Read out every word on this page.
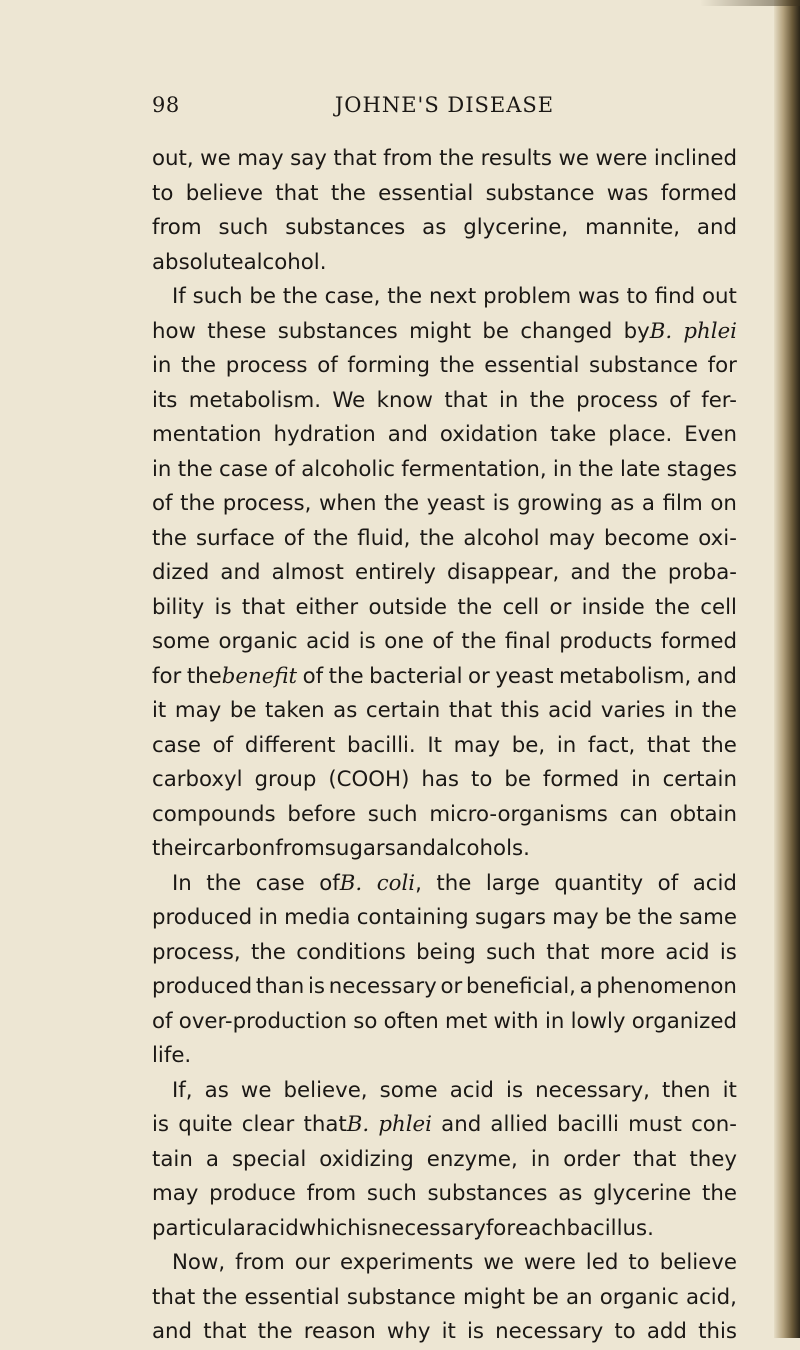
98	JOHNE'S DISEASE
out, we may say that from the results we were inclined
to believe that the essential substance was formed
from such substances as glycerine, mannite, and
absolute alcohol.
If such be the case, the next problem was to find out
how these substances might be changed byB. phlei
in the process of forming the essential substance for
its metabolism. We know that in the process of fer-
mentation hydration and oxidation take place. Even
in the case of alcoholic fermentation, in the late stages
of the process, when the yeast is growing as a film on
the surface of the fluid, the alcohol may become oxi-
dized and almost entirely disappear, and the proba-
bility is that either outside the cell or inside the cell
some organic acid is one of the final products formed
for thebenefit of the bacterial or yeast metabolism, and
it may be taken as certain that this acid varies in the
case of different bacilli. It may be, in fact, that the
carboxyl group (COOH) has to be formed in certain
compounds before such micro-organisms can obtain
their carbon from sugars and alcohols.
In the case ofB. coli, the large quantity of acid
produced in media containing sugars may be the same
process, the conditions being such that more acid is
produced than is necessary or beneficial, a phenomenon
of over-production so often met with in lowly organized
life.
If, as we believe, some acid is necessary, then it
is quite clear thatB. phlei and allied bacilli must con-
tain a special oxidizing enzyme, in order that they
may produce from such substances as glycerine the
particular acid which is necessary for each bacillus.
Now, from our experiments we were led to believe
that the essential substance might be an organic acid,
and that the reason why it is necessary to add this
